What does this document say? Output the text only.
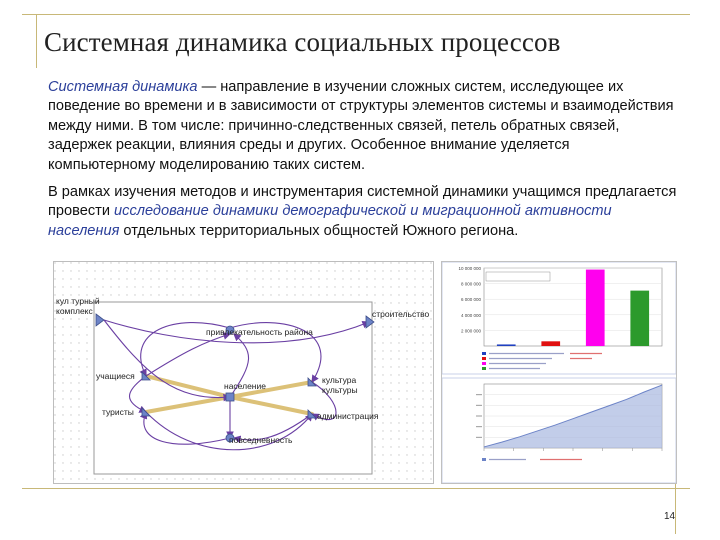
Системная динамика социальных процессов

Системная динамика — направление в изучении сложных систем, исследующее их поведение во времени и в зависимости от структуры элементов системы и взаимодействия между ними. В том числе: причинно-следственных связей, петель обратных связей, задержек реакции, влияния среды и других. Особенное внимание уделяется компьютерному моделированию таких систем.

В рамках изучения методов и инструментария системной динамики учащимся предлагается провести исследование динамики демографической и миграционной активности населения отдельных территориальных общностей Южного региона.

кул турный
комплекс	строительство
привлекательность района
учащиеся
население
туристы
культура
культуры
администрация
повседневность
2 000 000
4 000 000
6 000 000
8 000 000
10 000 000
14
